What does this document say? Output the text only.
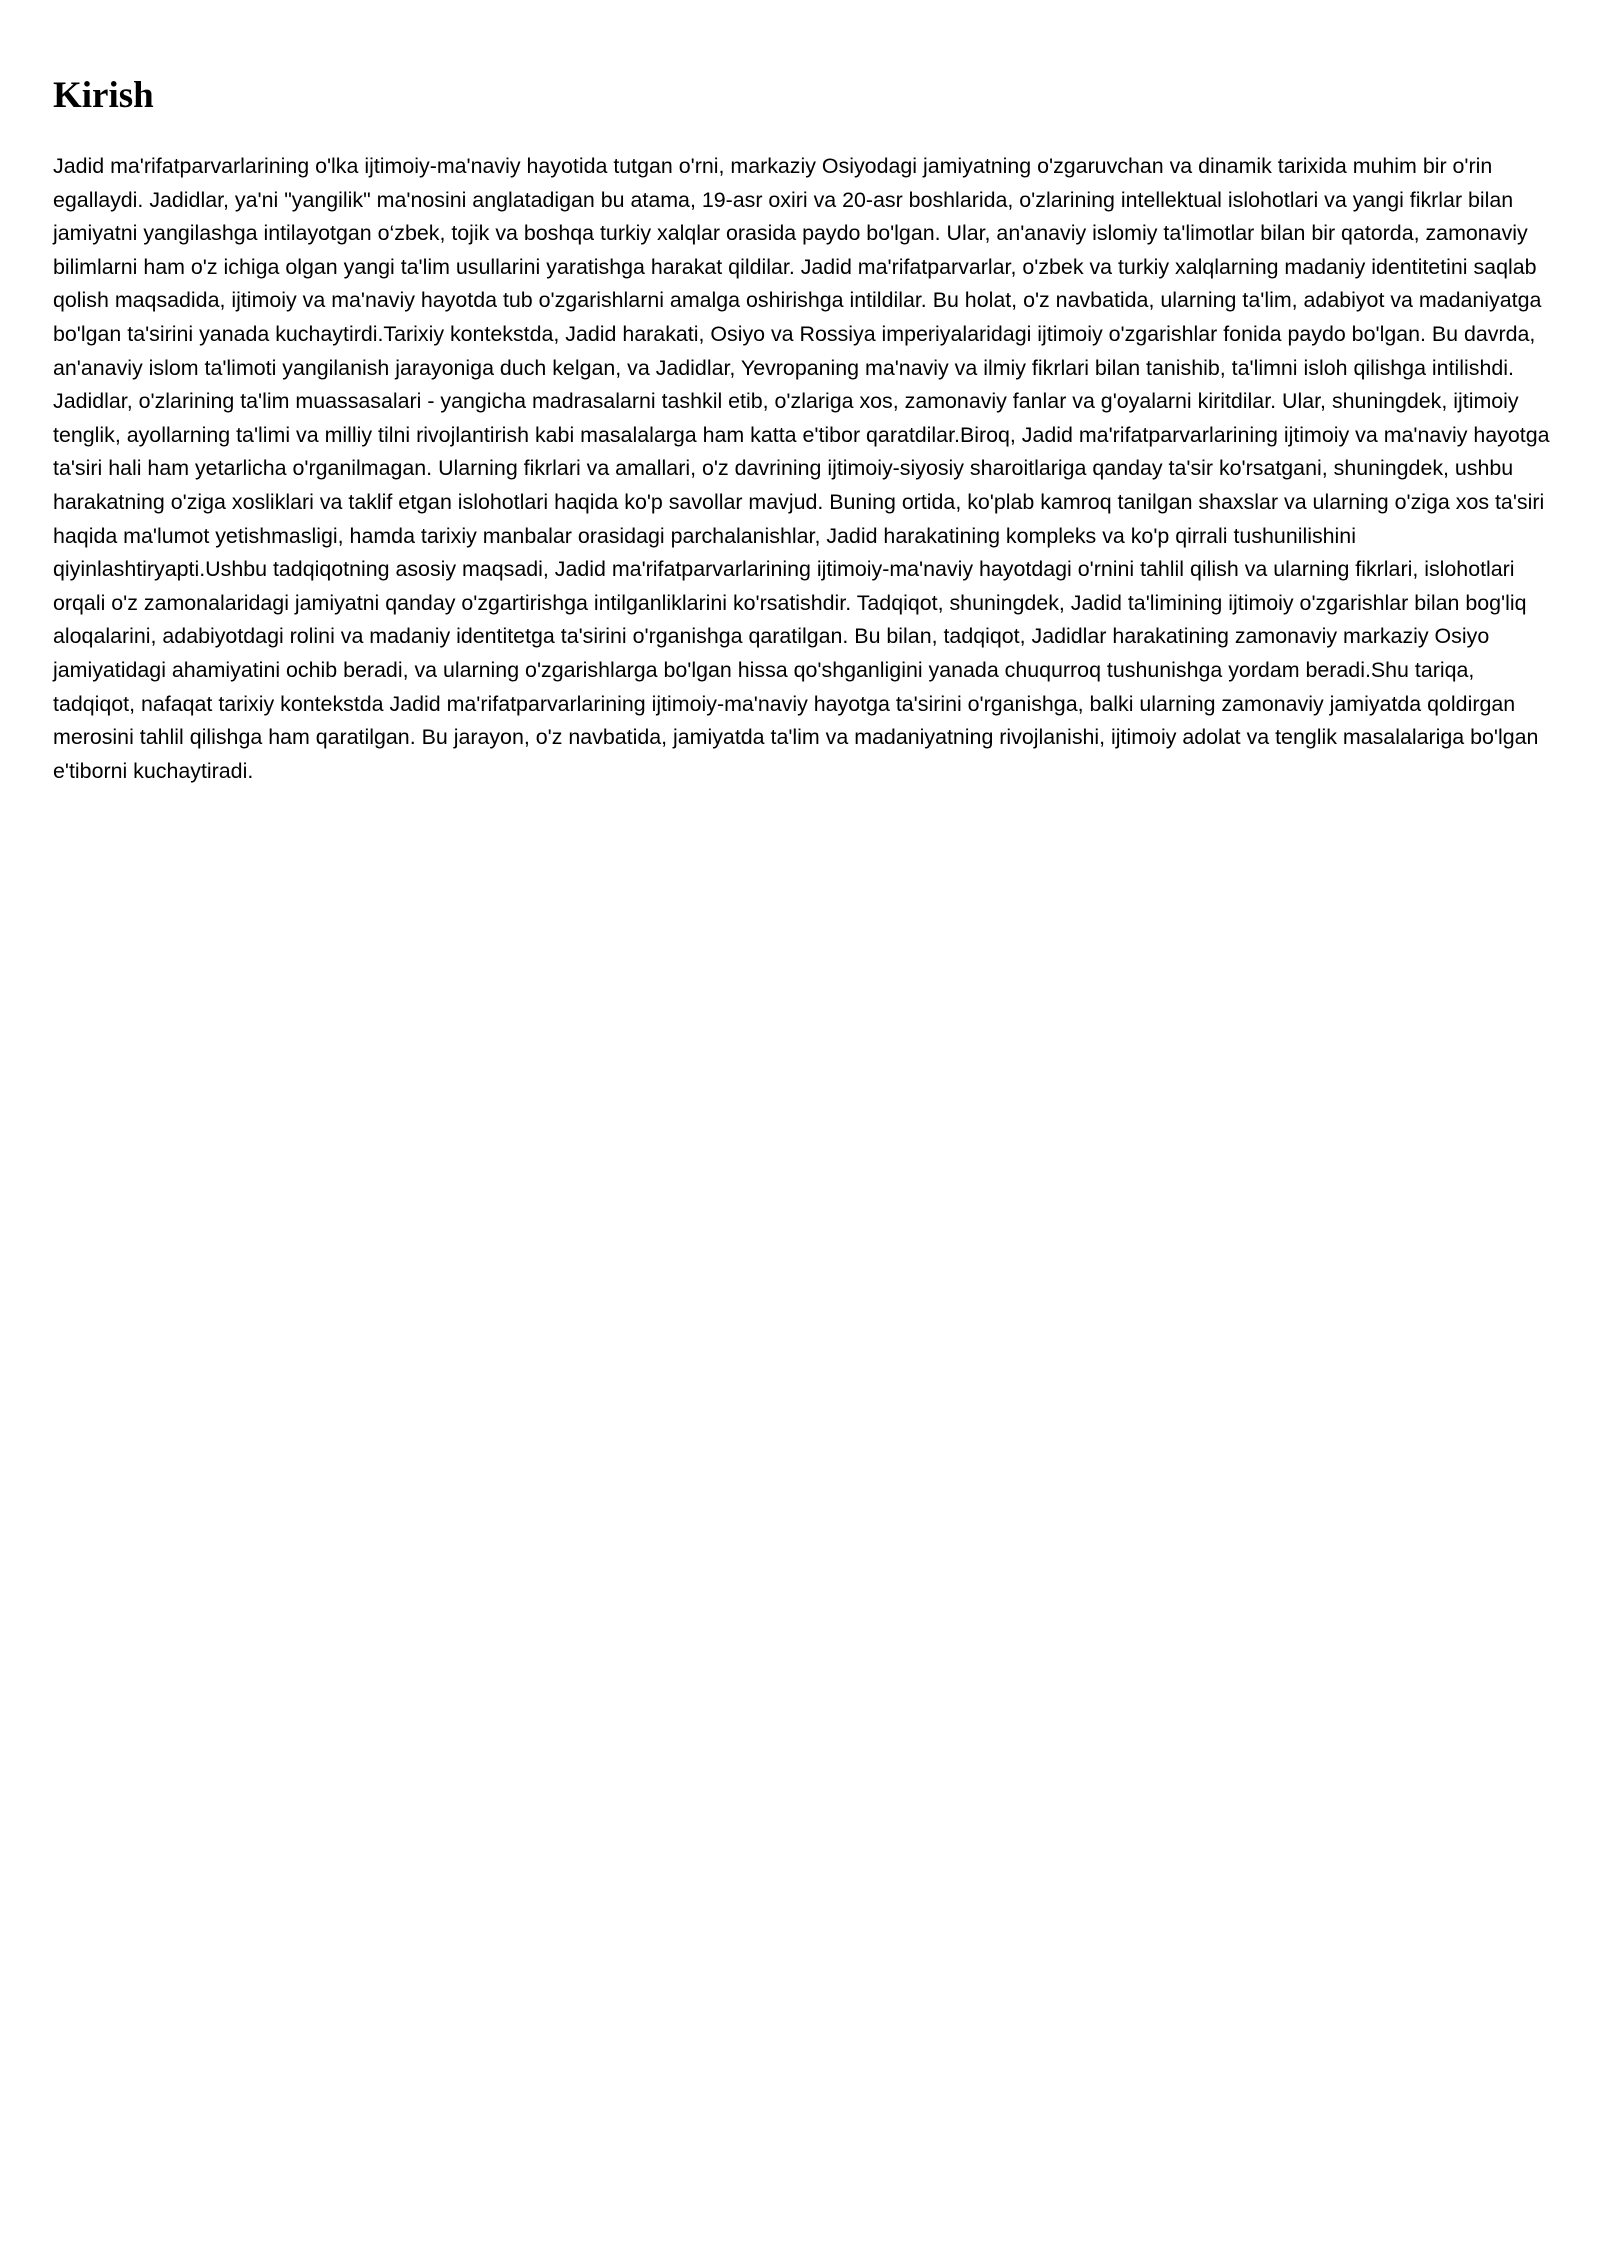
Kirish

Jadid ma'rifatparvarlarining o'lka ijtimoiy-ma'naviy hayotida tutgan o'rni, markaziy Osiyodagi jamiyatning o'zgaruvchan va dinamik tarixida muhim bir o'rin egallaydi. Jadidlar, ya'ni "yangilik" ma'nosini anglatadigan bu atama, 19-asr oxiri va 20-asr boshlarida, o'zlarining intellektual islohotlari va yangi fikrlar bilan jamiyatni yangilashga intilayotgan o‘zbek, tojik va boshqa turkiy xalqlar orasida paydo bo'lgan. Ular, an'anaviy islomiy ta'limotlar bilan bir qatorda, zamonaviy bilimlarni ham o'z ichiga olgan yangi ta'lim usullarini yaratishga harakat qildilar. Jadid ma'rifatparvarlar, o'zbek va turkiy xalqlarning madaniy identitetini saqlab qolish maqsadida, ijtimoiy va ma'naviy hayotda tub o'zgarishlarni amalga oshirishga intildilar. Bu holat, o'z navbatida, ularning ta'lim, adabiyot va madaniyatga bo'lgan ta'sirini yanada kuchaytirdi.Tarixiy kontekstda, Jadid harakati, Osiyo va Rossiya imperiyalaridagi ijtimoiy o'zgarishlar fonida paydo bo'lgan. Bu davrda, an'anaviy islom ta'limoti yangilanish jarayoniga duch kelgan, va Jadidlar, Yevropaning ma'naviy va ilmiy fikrlari bilan tanishib, ta'limni isloh qilishga intilishdi. Jadidlar, o'zlarining ta'lim muassasalari - yangicha madrasalarni tashkil etib, o'zlariga xos, zamonaviy fanlar va g'oyalarni kiritdilar. Ular, shuningdek, ijtimoiy tenglik, ayollarning ta'limi va milliy tilni rivojlantirish kabi masalalarga ham katta e'tibor qaratdilar.Biroq, Jadid ma'rifatparvarlarining ijtimoiy va ma'naviy hayotga ta'siri hali ham yetarlicha o'rganilmagan. Ularning fikrlari va amallari, o'z davrining ijtimoiy-siyosiy sharoitlariga qanday ta'sir ko'rsatgani, shuningdek, ushbu harakatning o'ziga xosliklari va taklif etgan islohotlari haqida ko'p savollar mavjud. Buning ortida, ko'plab kamroq tanilgan shaxslar va ularning o'ziga xos ta'siri haqida ma'lumot yetishmasligi, hamda tarixiy manbalar orasidagi parchalanishlar, Jadid harakatining kompleks va ko'p qirrali tushunilishini qiyinlashtiryapti.Ushbu tadqiqotning asosiy maqsadi, Jadid ma'rifatparvarlarining ijtimoiy-ma'naviy hayotdagi o'rnini tahlil qilish va ularning fikrlari, islohotlari orqali o'z zamonalaridagi jamiyatni qanday o'zgartirishga intilganliklarini ko'rsatishdir. Tadqiqot, shuningdek, Jadid ta'limining ijtimoiy o'zgarishlar bilan bog'liq aloqalarini, adabiyotdagi rolini va madaniy identitetga ta'sirini o'rganishga qaratilgan. Bu bilan, tadqiqot, Jadidlar harakatining zamonaviy markaziy Osiyo jamiyatidagi ahamiyatini ochib beradi, va ularning o'zgarishlarga bo'lgan hissa qo'shganligini yanada chuqurroq tushunishga yordam beradi.Shu tariqa, tadqiqot, nafaqat tarixiy kontekstda Jadid ma'rifatparvarlarining ijtimoiy-ma'naviy hayotga ta'sirini o'rganishga, balki ularning zamonaviy jamiyatda qoldirgan merosini tahlil qilishga ham qaratilgan. Bu jarayon, o'z navbatida, jamiyatda ta'lim va madaniyatning rivojlanishi, ijtimoiy adolat va tenglik masalalariga bo'lgan e'tiborni kuchaytiradi.
